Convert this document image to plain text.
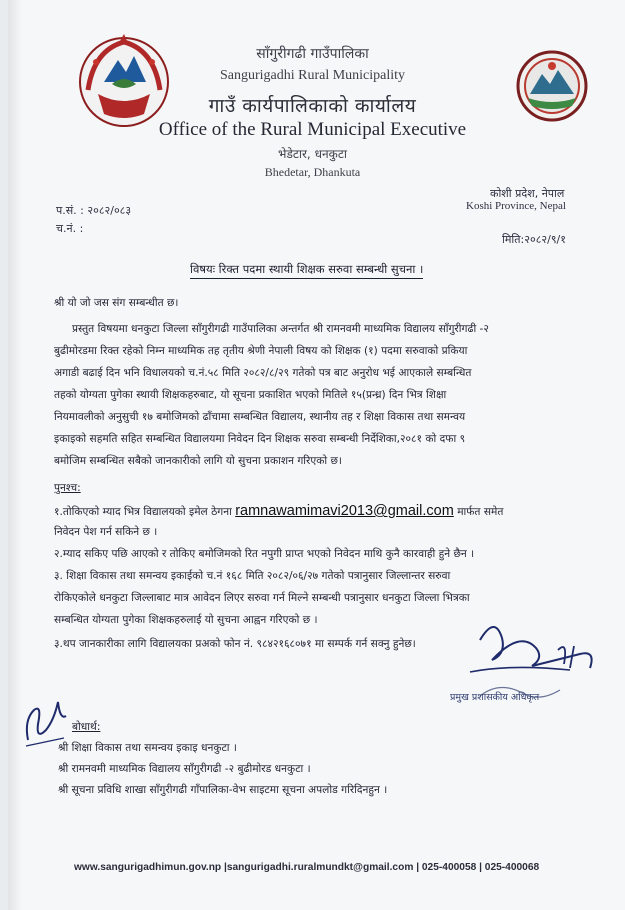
साँगुरीगढी गाउँपालिका
Sangurigadhi Rural Municipality
गाउँ कार्यपालिकाको कार्यालय
Office of the Rural Municipal Executive
भेडेटार, धनकुटा
Bhedetar, Dhankuta
कोशी प्रदेश, नेपाल
Koshi Province, Nepal
प.सं. : २०८२/०८३
च.नं. :
मिति:२०८२/९/१
विषयः रिक्त पदमा स्थायी शिक्षक सरुवा सम्बन्धी सुचना ।
श्री यो जो जस संग सम्बन्धीत छ।
प्रस्तुत विषयमा धनकुटा जिल्ला साँगुरीगढी गाउँपालिका अन्तर्गत श्री रामनवमी माध्यमिक विद्यालय साँगुरीगढी -२
बुढीमोरडमा रिक्त रहेको निम्न माध्यमिक तह तृतीय श्रेणी नेपाली विषय को शिक्षक (१) पदमा सरुवाको प्रकिया
अगाडी बढाई दिन भनि विधालयको च.नं.५८ मिति २०८२/८/२९ गतेको पत्र बाट अनुरोध भई आएकाले सम्बन्धित
तहको योग्यता पुगेका स्थायी शिक्षकहरुबाट, यो सूचना प्रकाशित भएको मितिले १५(प्रन्ध्र) दिन भित्र शिक्षा
नियमावलीको अनुसुची १७ बमोजिमको ढाँचामा सम्बन्धित विद्यालय, स्थानीय तह र शिक्षा विकास तथा समन्वय
इकाइको सहमति सहित सम्बन्धित विद्यालयमा निवेदन दिन शिक्षक सरुवा सम्बन्धी निर्देशिका,२०८१ को दफा ९
बमोजिम सम्बन्धित सबैको जानकारीको लागि यो सुचना प्रकाशन गरिएको छ।
पुनश्च:
१.तोकिएको म्याद भित्र विद्यालयको इमेल ठेगना ramnawamimavi2013@gmail.com मार्फत समेत
निवेदन पेश गर्न सकिने छ ।
२.म्याद सकिए पछि आएको र तोकिए बमोजिमको रित नपुगी प्राप्त भएको निवेदन माथि कुनै कारवाही हुने छैन ।
३. शिक्षा विकास तथा समन्वय इकाईको च.नं १६८ मिति २०८२/०६/२७ गतेको पत्रानुसार जिल्लान्तर सरुवा
रोकिएकोले धनकुटा जिल्लाबाट मात्र आवेदन लिएर सरुवा गर्न मिल्ने सम्बन्धी पत्रानुसार धनकुटा जिल्ला भित्रका
सम्बन्धित योग्यता पुगेका शिक्षकहरुलाई यो सुचना आह्वन गरिएको छ ।
३.थप जानकारीका लागि विद्यालयका प्रअको फोन नं. ९८४२१६८०७१ मा सम्पर्क गर्न सक्नु हुनेछ।
प्रमुख प्रशासकीय अधिकृत
बोधार्थ:
श्री शिक्षा विकास तथा समन्वय इकाइ धनकुटा ।
श्री रामनवमी माध्यमिक विद्यालय साँगुरीगढी -२ बुढीमोरड धनकुटा ।
श्री सूचना प्रविधि शाखा साँगुरीगढी गाँपालिका-वेभ साइटमा सूचना अपलोड गरिदिनहुन ।
www.sangurigadhimun.gov.np |sangurigadhi.ruralmundkt@gmail.com | 025-400058 | 025-400068
